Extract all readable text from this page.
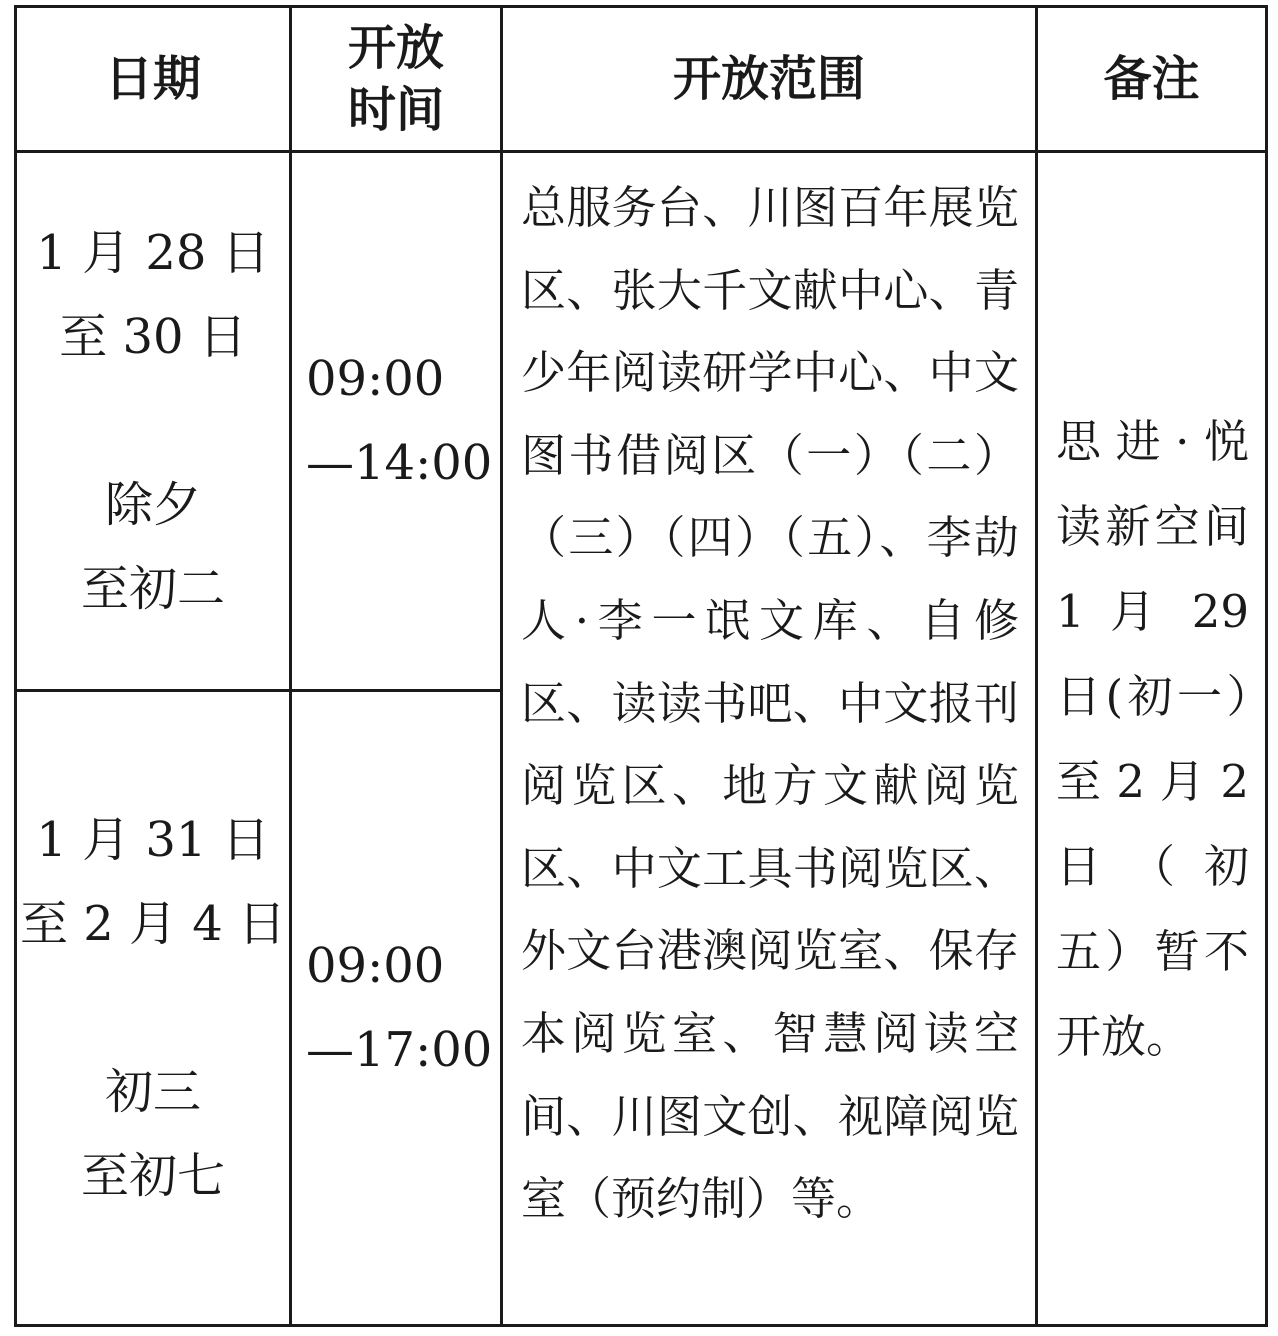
日期
开放
时间
开放范围	备注
1 月 28 日
至 30 日
除夕
至初二
09:00
—14:00
1 月 31 日
至 2 月 4 日
初三
至初七
09:00
—17:00
总服务台、川图百年展览区、张大千文献中心、青少年阅读研学中心、中文图书借阅区（一）（二）（三）（四）（五）、李劼人·李一氓文库、自修区、读读书吧、中文报刊阅览区、地方文献阅览区、中文工具书阅览区、外文台港澳阅览室、保存本阅览室、智慧阅读空间、川图文创、视障阅览室（预约制）等。
思进·悦读新空间 1 月 29 日(初一）至 2 月 2 日（初五）暂不开放。
